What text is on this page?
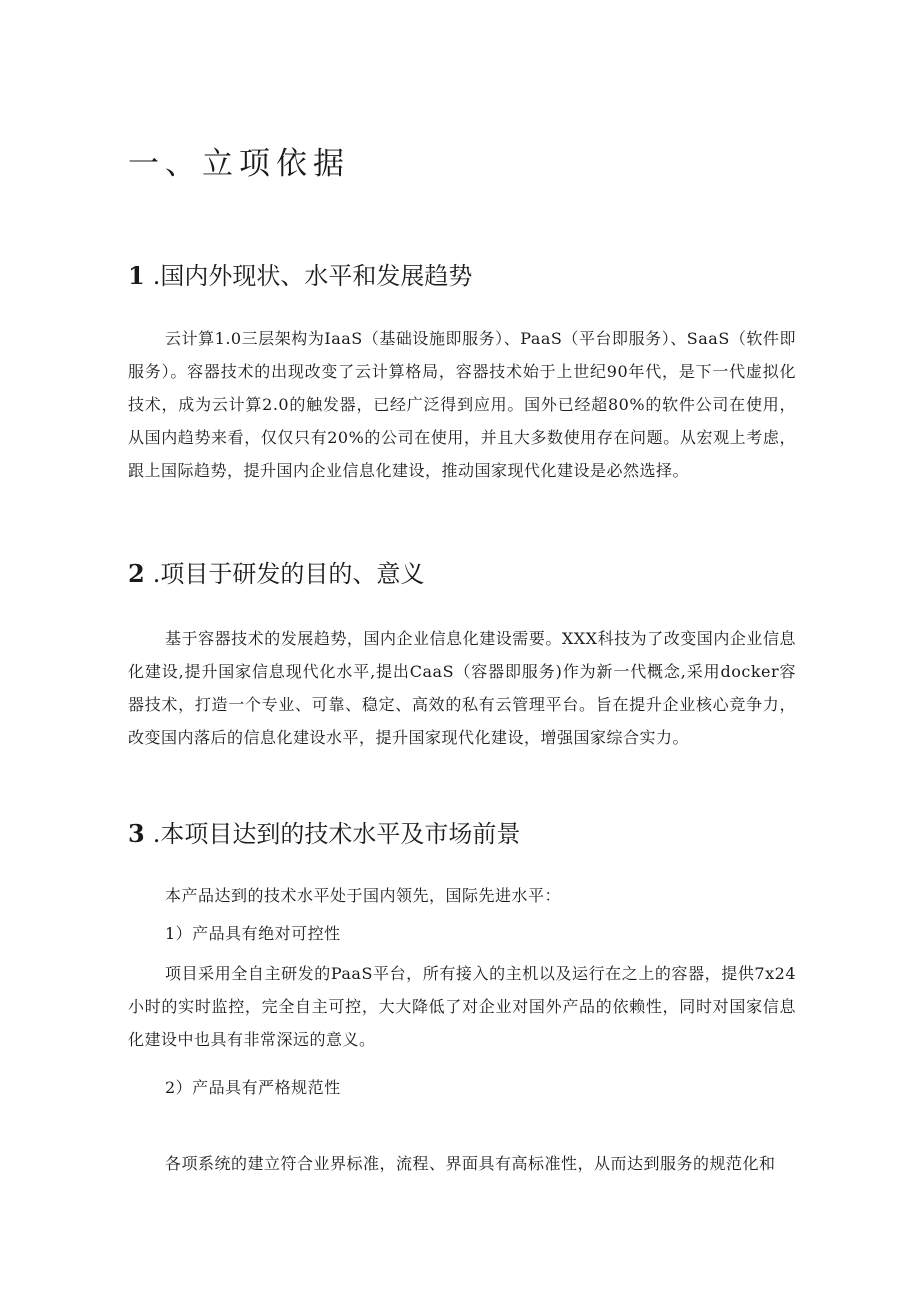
一、立项依据
1 .国内外现状、水平和发展趋势

云计算1.0三层架构为IaaS（基础设施即服务）、PaaS（平台即服务）、SaaS（软件即服务）。容器技术的出现改变了云计算格局，容器技术始于上世纪90年代，是下一代虚拟化技术，成为云计算2.0的触发器，已经广泛得到应用。国外已经超80%的软件公司在使用，从国内趋势来看，仅仅只有20%的公司在使用，并且大多数使用存在问题。从宏观上考虑，跟上国际趋势，提升国内企业信息化建设，推动国家现代化建设是必然选择。

2 .项目于研发的目的、意义

基于容器技术的发展趋势，国内企业信息化建设需要。XXX科技为了改变国内企业信息化建设,提升国家信息现代化水平,提出CaaS（容器即服务)作为新一代概念,采用docker容器技术，打造一个专业、可靠、稳定、高效的私有云管理平台。旨在提升企业核心竞争力，改变国内落后的信息化建设水平，提升国家现代化建设，增强国家综合实力。

3 .本项目达到的技术水平及市场前景

本产品达到的技术水平处于国内领先，国际先进水平：

1）产品具有绝对可控性

项目采用全自主研发的PaaS平台，所有接入的主机以及运行在之上的容器，提供7x24小时的实时监控，完全自主可控，大大降低了对企业对国外产品的依赖性，同时对国家信息化建设中也具有非常深远的意义。

2）产品具有严格规范性

各项系统的建立符合业界标准，流程、界面具有高标准性，从而达到服务的规范化和
